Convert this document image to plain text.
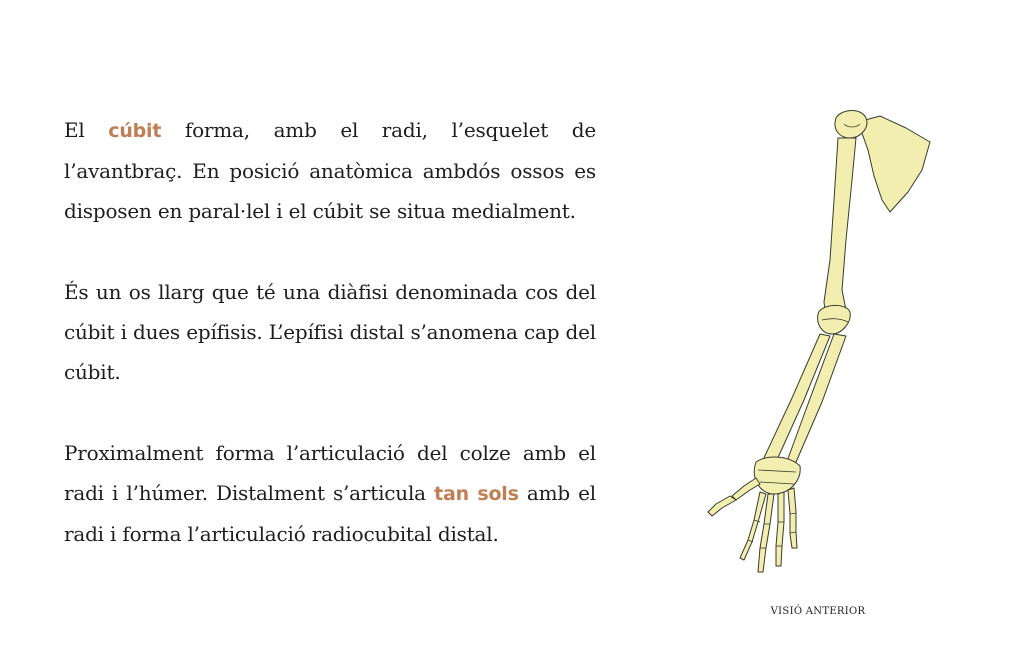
El cúbit forma, amb el radi, l’esquelet de l’avantbraç. En posició anatòmica ambdós ossos es disposen en paral·lel i el cúbit se situa medialment.

És un os llarg que té una diàfisi denominada cos del cúbit i dues epífisis. L’epífisi distal s’anomena cap del cúbit.

Proximalment forma l’articulació del colze amb el radi i l’húmer. Distalment s’articula tan sols amb el radi i forma l’articulació radiocubital distal.

VISIÓ ANTERIOR
